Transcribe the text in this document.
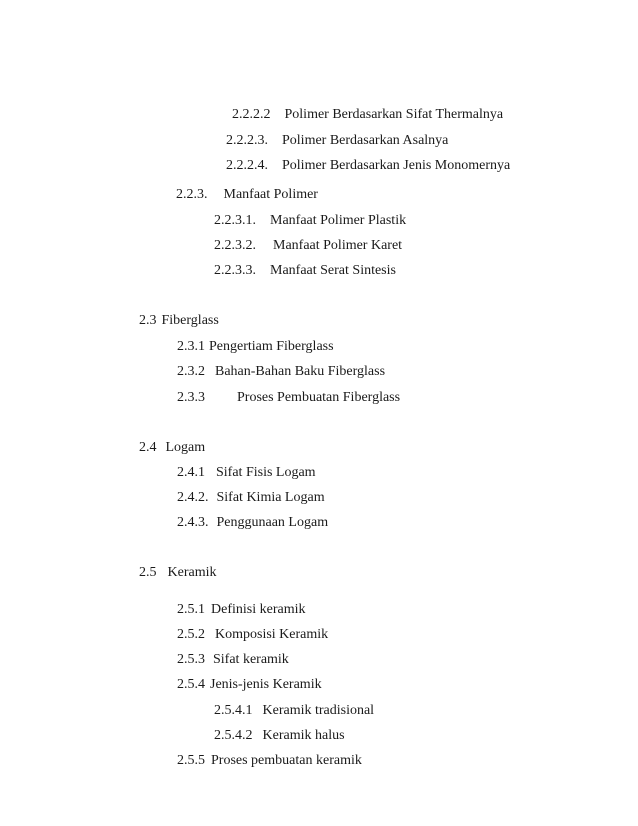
2.2.2.2 Polimer Berdasarkan Sifat Thermalnya

2.2.2.3. Polimer Berdasarkan Asalnya

2.2.2.4. Polimer Berdasarkan Jenis Monomernya

2.2.3. Manfaat Polimer

2.2.3.1. Manfaat Polimer Plastik

2.2.3.2. Manfaat Polimer Karet

2.2.3.3. Manfaat Serat Sintesis

2.3 Fiberglass

2.3.1 Pengertiam Fiberglass

2.3.2 Bahan-Bahan Baku Fiberglass

2.3.3 Proses Pembuatan Fiberglass

2.4 Logam

2.4.1 Sifat Fisis Logam

2.4.2. Sifat Kimia Logam

2.4.3. Penggunaan Logam

2.5 Keramik

2.5.1 Definisi keramik

2.5.2 Komposisi Keramik

2.5.3 Sifat keramik

2.5.4 Jenis-jenis Keramik

2.5.4.1 Keramik tradisional

2.5.4.2 Keramik halus

2.5.5 Proses pembuatan keramik
